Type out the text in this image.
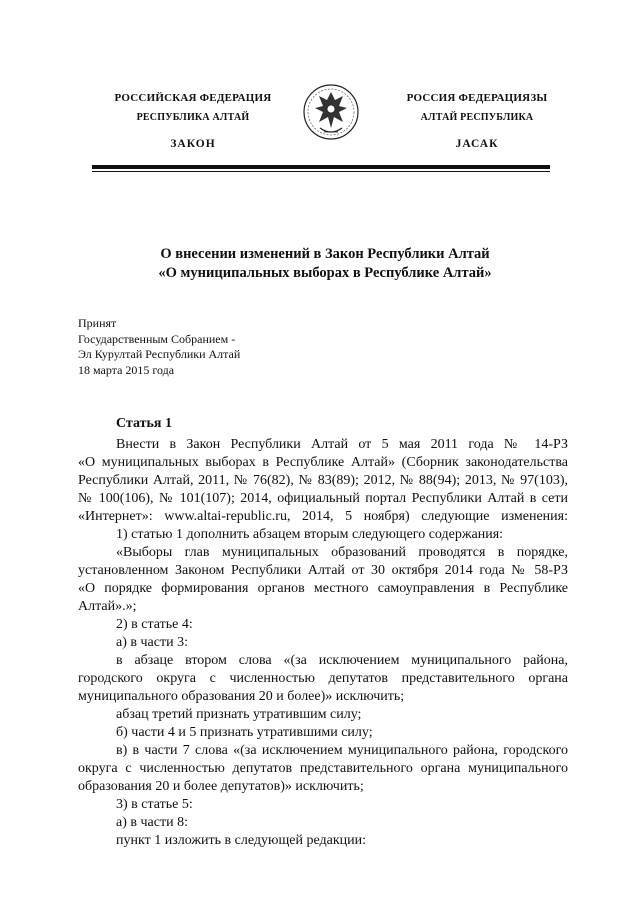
РОССИЙСКАЯ ФЕДЕРАЦИЯ
РЕСПУБЛИКА АЛТАЙ
ЗАКОН
РОССИЯ ФЕДЕРАЦИЯЗЫ
АЛТАЙ РЕСПУБЛИКА
JАСАК
О внесении изменений в Закон Республики Алтай
«О муниципальных выборах в Республике Алтай»
Принят
Государственным Собранием -
Эл Курултай Республики Алтай
18 марта 2015 года
Статья 1
Внести в Закон Республики Алтай от 5 мая 2011 года № 14-РЗ
«О муниципальных выборах в Республике Алтай» (Сборник законодательства
Республики Алтай, 2011, № 76(82), № 83(89); 2012, № 88(94); 2013, № 97(103),
№ 100(106), № 101(107); 2014, официальный портал Республики Алтай в сети
«Интернет»: www.altai-republic.ru, 2014, 5 ноября) следующие изменения:
1) статью 1 дополнить абзацем вторым следующего содержания:
«Выборы глав муниципальных образований проводятся в порядке,
установленном Законом Республики Алтай от 30 октября 2014 года № 58-РЗ
«О порядке формирования органов местного самоуправления в Республике
Алтай».»;
2) в статье 4:
а) в части 3:
в абзаце втором слова «(за исключением муниципального района,
городского округа с численностью депутатов представительного органа
муниципального образования 20 и более)» исключить;
абзац третий признать утратившим силу;
б) части 4 и 5 признать утратившими силу;
в) в части 7 слова «(за исключением муниципального района, городского
округа с численностью депутатов представительного органа муниципального
образования 20 и более депутатов)» исключить;
3) в статье 5:
а) в части 8:
пункт 1 изложить в следующей редакции:
